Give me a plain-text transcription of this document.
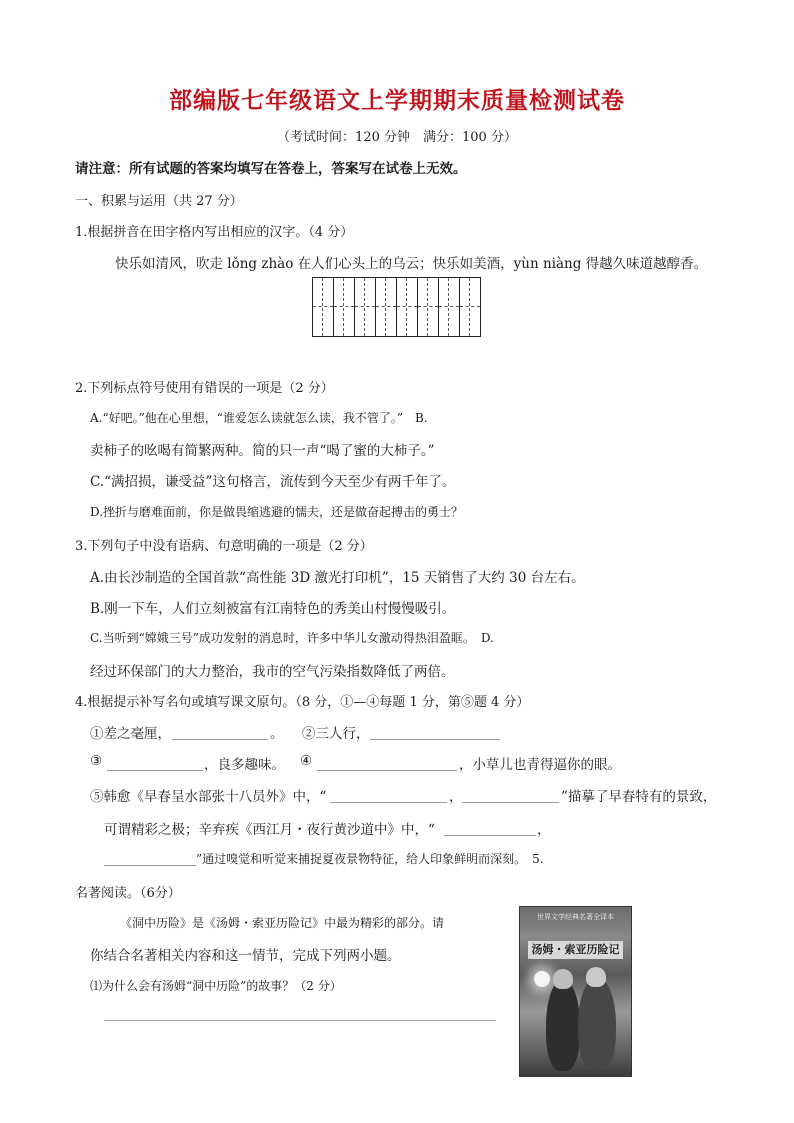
部编版七年级语文上学期期末质量检测试卷
（考试时间：120 分钟　满分：100 分）
请注意：所有试题的答案均填写在答卷上，答案写在试卷上无效。
一、积累与运用（共 27 分）
1.根据拼音在田字格内写出相应的汉字。（4 分）
快乐如清风，吹走 lǒng zhào 在人们心头上的乌云；快乐如美酒，yùn niàng 得越久味道越醇香。
2.下列标点符号使用有错误的一项是（2 分）
A.“好吧。”他在心里想，“谁爱怎么读就怎么读，我不管了。”　B.
卖柿子的吆喝有简繁两种。简的只一声“喝了蜜的大柿子。”
C.“满招损，谦受益”这句格言，流传到今天至少有两千年了。
D.挫折与磨难面前，你是做畏缩逃避的懦夫，还是做奋起搏击的勇士？
3.下列句子中没有语病、句意明确的一项是（2 分）
A.由长沙制造的全国首款“高性能 3D 激光打印机”，15 天销售了大约 30 台左右。
B.刚一下车，人们立刻被富有江南特色的秀美山村慢慢吸引。
C.当听到“嫦娥三号”成功发射的消息时，许多中华儿女激动得热泪盈眶。　D.
经过环保部门的大力整治，我市的空气污染指数降低了两倍。
4.根据提示补写名句或填写课文原句。（8 分，①—④每题 1 分，第⑤题 4 分）
①差之毫厘，	。 ②三人行，
③	，良多趣味。 ④	，小草儿也青得逼你的眼。
⑤韩愈《早春呈水部张十八员外》中，“	，	”描摹了早春特有的景致，
可谓精彩之极；辛弃疾《西江月・夜行黄沙道中》中，“	，
”通过嗅觉和听觉来捕捉夏夜景物特征，给人印象鲜明而深刻。　5.
名著阅读。（6分）
《洞中历险》是《汤姆・索亚历险记》中最为精彩的部分。请
你结合名著相关内容和这一情节，完成下列两小题。
⑴为什么会有汤姆“洞中历险”的故事？（2 分）
世界文学经典名著全译本
汤姆・索亚历险记
